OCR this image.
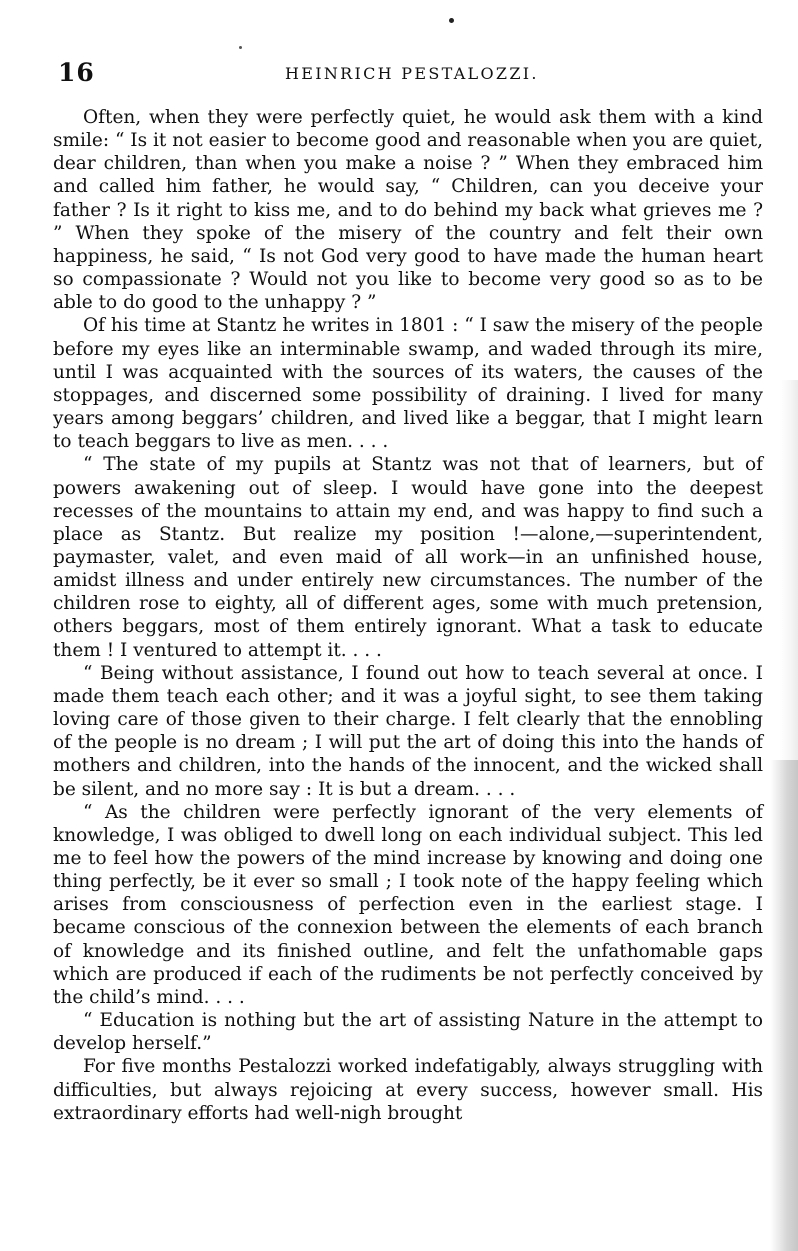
16	HEINRICH PESTALOZZI.

Often, when they were perfectly quiet, he would ask them with a kind smile: “ Is it not easier to become good and reasonable when you are quiet, dear children, than when you make a noise ? ” When they embraced him and called him father, he would say, “ Children, can you deceive your father ? Is it right to kiss me, and to do behind my back what grieves me ? ” When they spoke of the misery of the country and felt their own happiness, he said, “ Is not God very good to have made the human heart so compassionate ? Would not you like to become very good so as to be able to do good to the unhappy ? ”

Of his time at Stantz he writes in 1801 : “ I saw the misery of the people before my eyes like an interminable swamp, and waded through its mire, until I was acquainted with the sources of its waters, the causes of the stoppages, and discerned some possibility of draining. I lived for many years among beggars’ children, and lived like a beggar, that I might learn to teach beggars to live as men. . . .

“ The state of my pupils at Stantz was not that of learners, but of powers awakening out of sleep. I would have gone into the deepest recesses of the mountains to attain my end, and was happy to find such a place as Stantz. But realize my position !—alone,—superintendent, paymaster, valet, and even maid of all work—in an unfinished house, amidst illness and under entirely new circumstances. The number of the children rose to eighty, all of different ages, some with much pretension, others beggars, most of them entirely ignorant. What a task to educate them ! I ventured to attempt it. . . .

“ Being without assistance, I found out how to teach several at once. I made them teach each other; and it was a joyful sight, to see them taking loving care of those given to their charge. I felt clearly that the ennobling of the people is no dream ; I will put the art of doing this into the hands of mothers and children, into the hands of the innocent, and the wicked shall be silent, and no more say : It is but a dream. . . .

“ As the children were perfectly ignorant of the very elements of knowledge, I was obliged to dwell long on each individual subject. This led me to feel how the powers of the mind increase by knowing and doing one thing perfectly, be it ever so small ; I took note of the happy feeling which arises from consciousness of perfection even in the earliest stage. I became conscious of the connexion between the elements of each branch of knowledge and its finished outline, and felt the unfathomable gaps which are produced if each of the rudiments be not perfectly conceived by the child’s mind. . . .

“ Education is nothing but the art of assisting Nature in the attempt to develop herself.”

For five months Pestalozzi worked indefatigably, always struggling with difficulties, but always rejoicing at every success, however small. His extraordinary efforts had well-nigh brought
